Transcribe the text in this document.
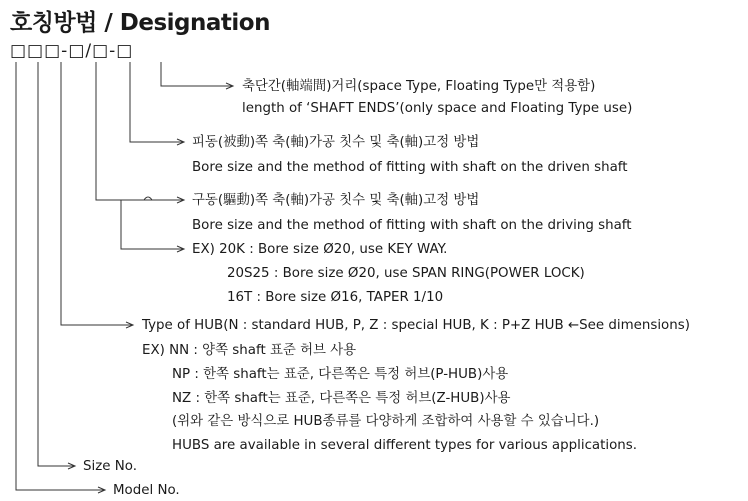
호칭방법 / Designation
□□□-□/□-□
축단간(軸端間)거리(space Type, Floating Type만 적용함)
length of ‘SHAFT ENDS’(only space and Floating Type use)
피동(被動)쪽 축(軸)가공 칫수 및 축(軸)고정 방법
Bore size and the method of fitting with shaft on the driven shaft
구동(驅動)쪽 축(軸)가공 칫수 및 축(軸)고정 방법
Bore size and the method of fitting with shaft on the driving shaft
EX) 20K : Bore size Ø20, use KEY WAY.
20S25 : Bore size Ø20, use SPAN RING(POWER LOCK)
16T : Bore size Ø16, TAPER 1/10
Type of HUB(N : standard HUB, P, Z : special HUB, K : P+Z HUB ←See dimensions)
EX) NN : 양쪽 shaft 표준 허브 사용
NP : 한쪽 shaft는 표준, 다른쪽은 특정 허브(P-HUB)사용
NZ : 한쪽 shaft는 표준, 다른쪽은 특정 허브(Z-HUB)사용
(위와 같은 방식으로 HUB종류를 다양하게 조합하여 사용할 수 있습니다.)
HUBS are available in several different types for various applications.
Size No.
Model No.
